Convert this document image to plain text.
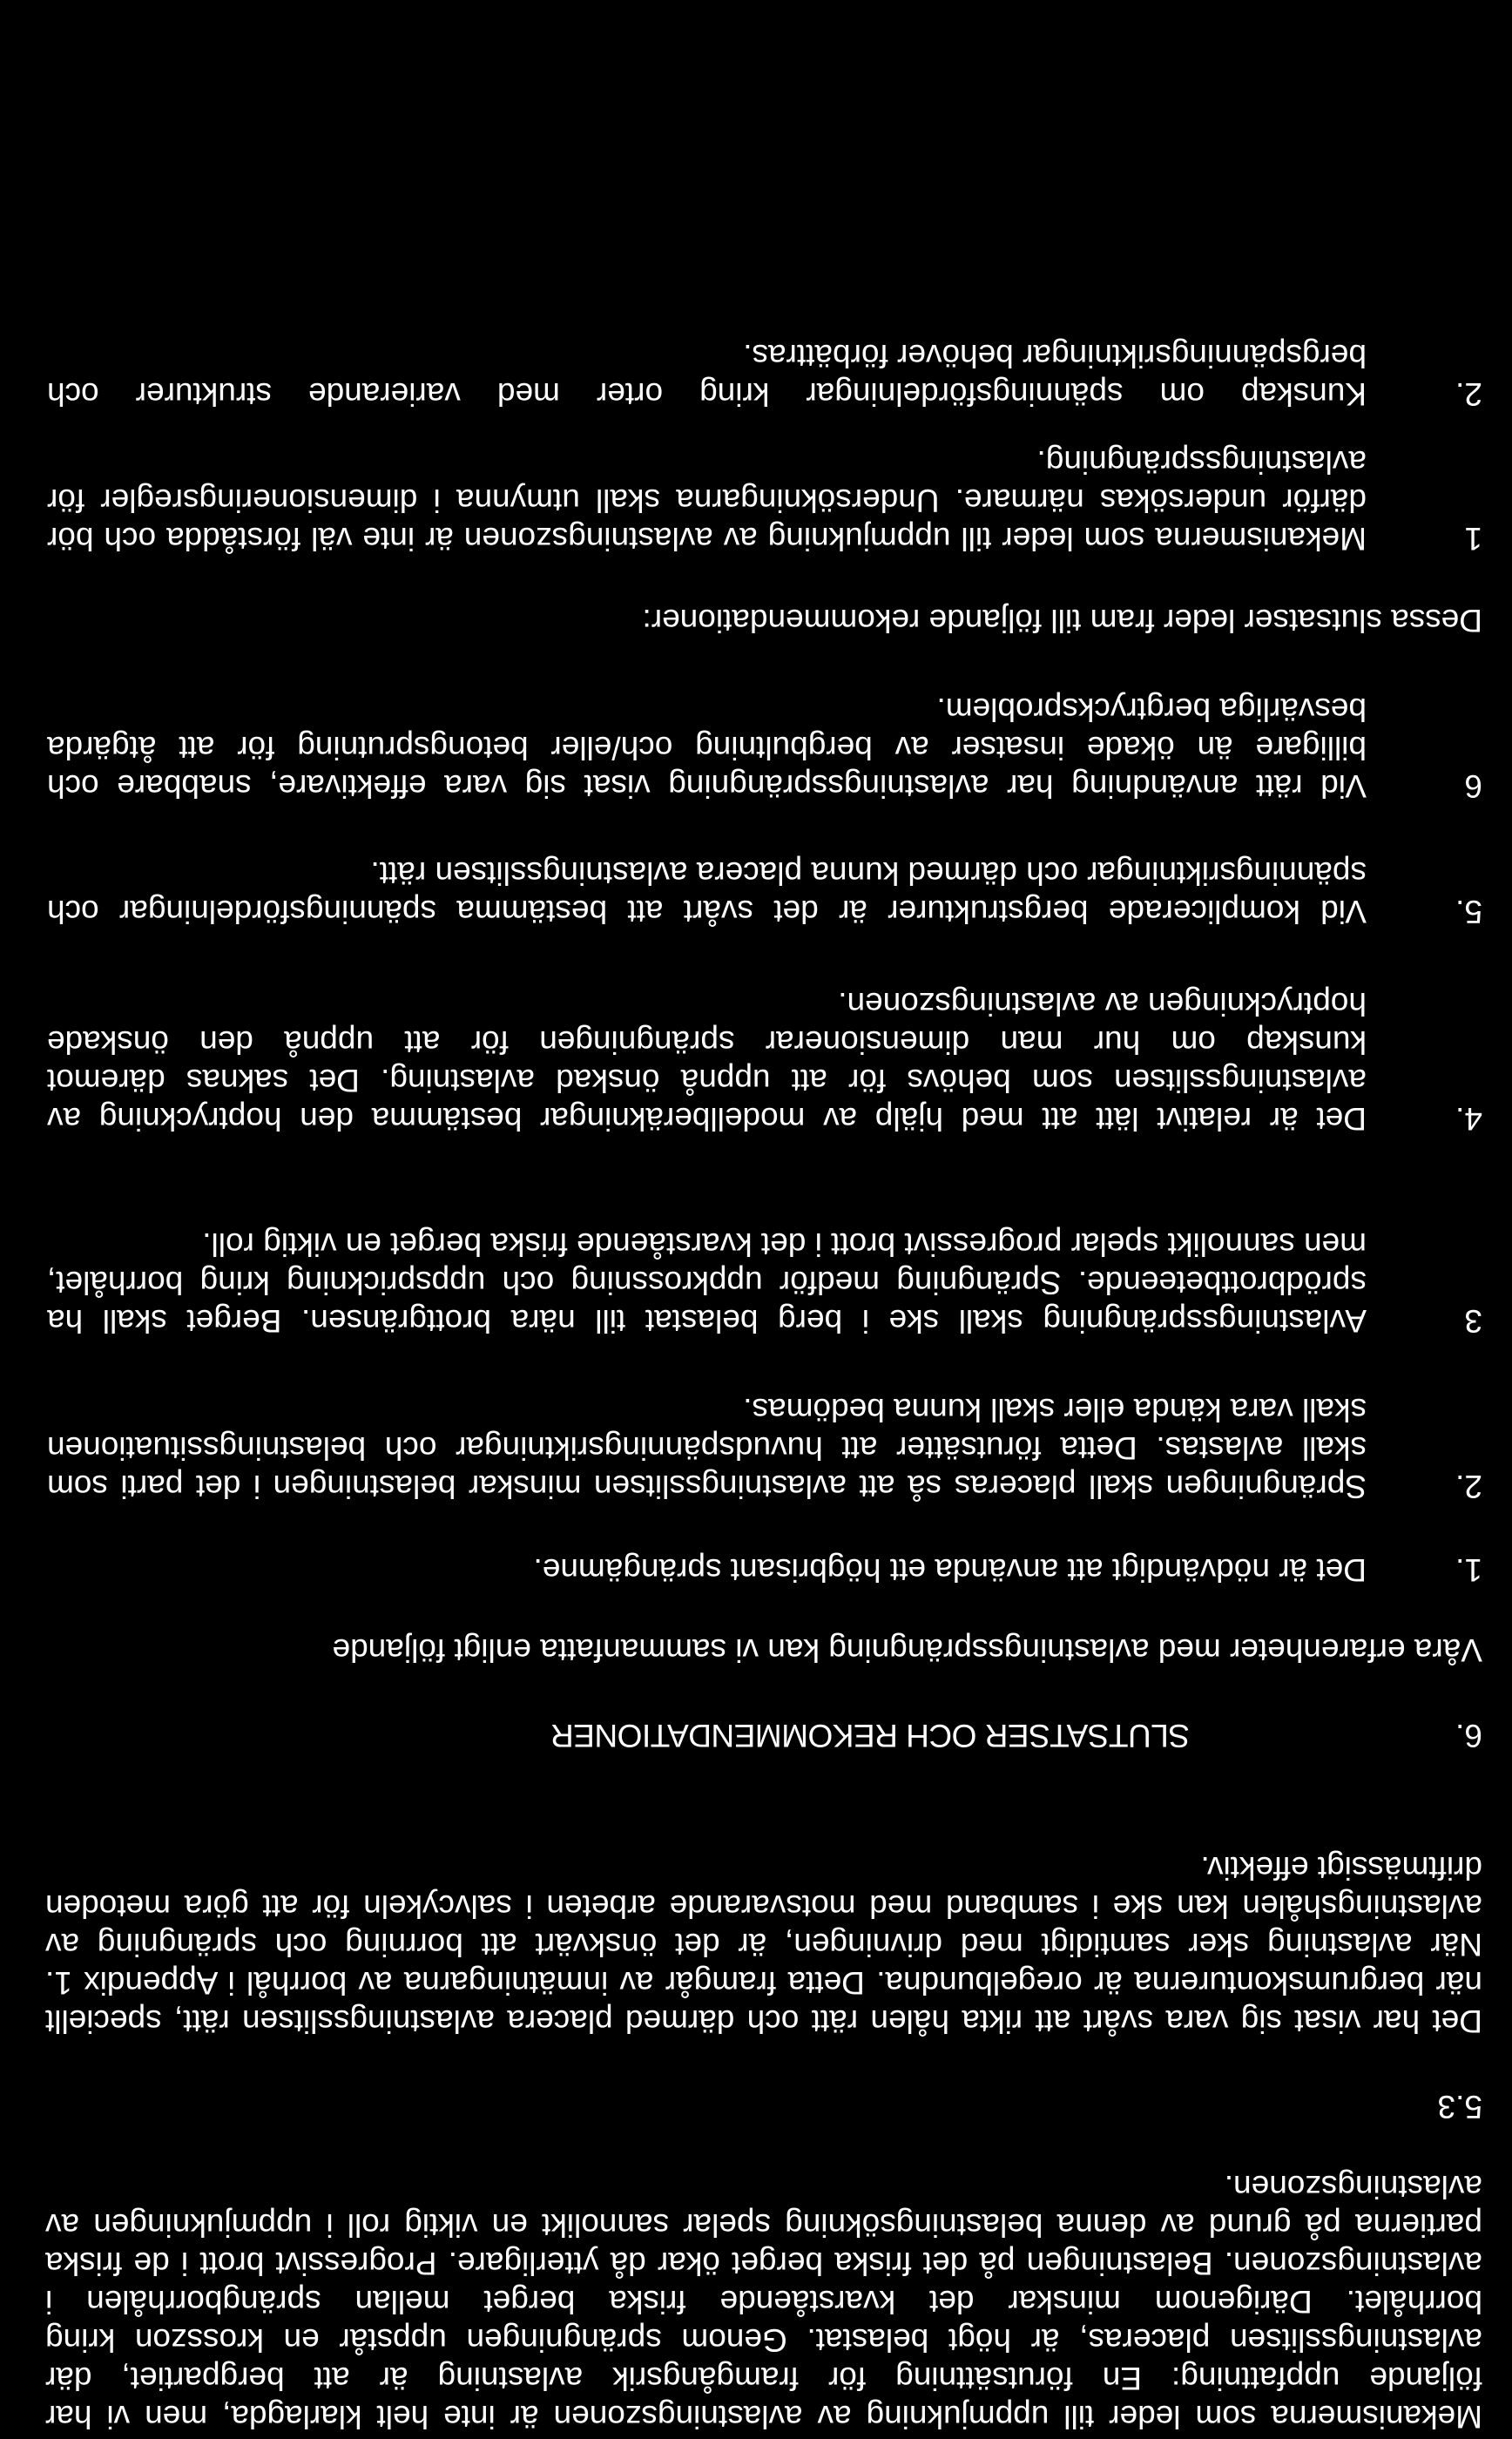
Mekanismerna som leder till uppmjukning av avlastningszonen är inte helt klarlagda, men vi har följande uppfattning: En förutsättning för framgångsrik avlastning är att bergpartiet, där avlastningsslitsen placeras, är högt belastat. Genom sprängningen uppstår en krosszon kring borrhålet. Därigenom minskar det kvarstående friska berget mellan sprängborrhålen i avlastningszonen. Belastningen på det friska berget ökar då ytterligare. Progressivt brott i de friska partierna på grund av denna belastningsökning spelar sannolikt en viktig roll i uppmjukningen av avlastningszonen.

5.3

Det har visat sig vara svårt att rikta hålen rätt och därmed placera avlastningsslitsen rätt, speciellt när bergrumskonturerna är oregelbundna. Detta framgår av inmätningarna av borrhål i Appendix 1. När avlastning sker samtidigt med drivningen, är det önskvärt att borrning och sprängning av avlastningshålen kan ske i samband med motsvarande arbeten i salvcykeln för att göra metoden driftmässigt effektiv.

6.

SLUTSATSER OCH REKOMMENDATIONER

Våra erfarenheter med avlastningssprängning kan vi sammanfatta enligt följande

1.

Det är nödvändigt att använda ett högbrisant sprängämne.

2.

Sprängningen skall placeras så att avlastningsslitsen minskar belastningen i det parti som skall avlastas. Detta förutsätter att huvudspänningsriktningar och belastningssituationen skall vara kända eller skall kunna bedömas.

3

Avlastningssprängning skall ske i berg belastat till nära brottgränsen. Berget skall ha sprödbrottbeteende. Sprängning medför uppkrossning och uppsprickning kring borrhålet, men sannolikt spelar progressivt brott i det kvarstående friska berget en viktig roll.

4.

Det är relativt lätt att med hjälp av modellberäkningar bestämma den hoptryckning av avlastningsslitsen som behövs för att uppnå önskad avlastning. Det saknas däremot kunskap om hur man dimensionerar sprängningen för att uppnå den önskade hoptryckningen av avlastningszonen.

5.

Vid komplicerade bergstrukturer är det svårt att bestämma spänningsfördelningar och spänningsriktningar och därmed kunna placera avlastningsslitsen rätt.

6

Vid rätt användning har avlastningssprängning visat sig vara effektivare, snabbare och billigare än ökade insatser av bergbultning och/eller betongsprutning för att åtgärda besvärliga bergtrycksproblem.

Dessa slutsatser leder fram till följande rekommendationer:

1

Mekanismerna som leder till uppmjukning av avlastningszonen är inte väl förstådda och bör därför undersökas närmare. Undersökningarna skall utmynna i dimensioneringsregler för avlastningssprängning.

2.

Kunskap om spänningsfördelningar kring orter med varierande strukturer och bergspänningsriktningar behöver förbättras.
